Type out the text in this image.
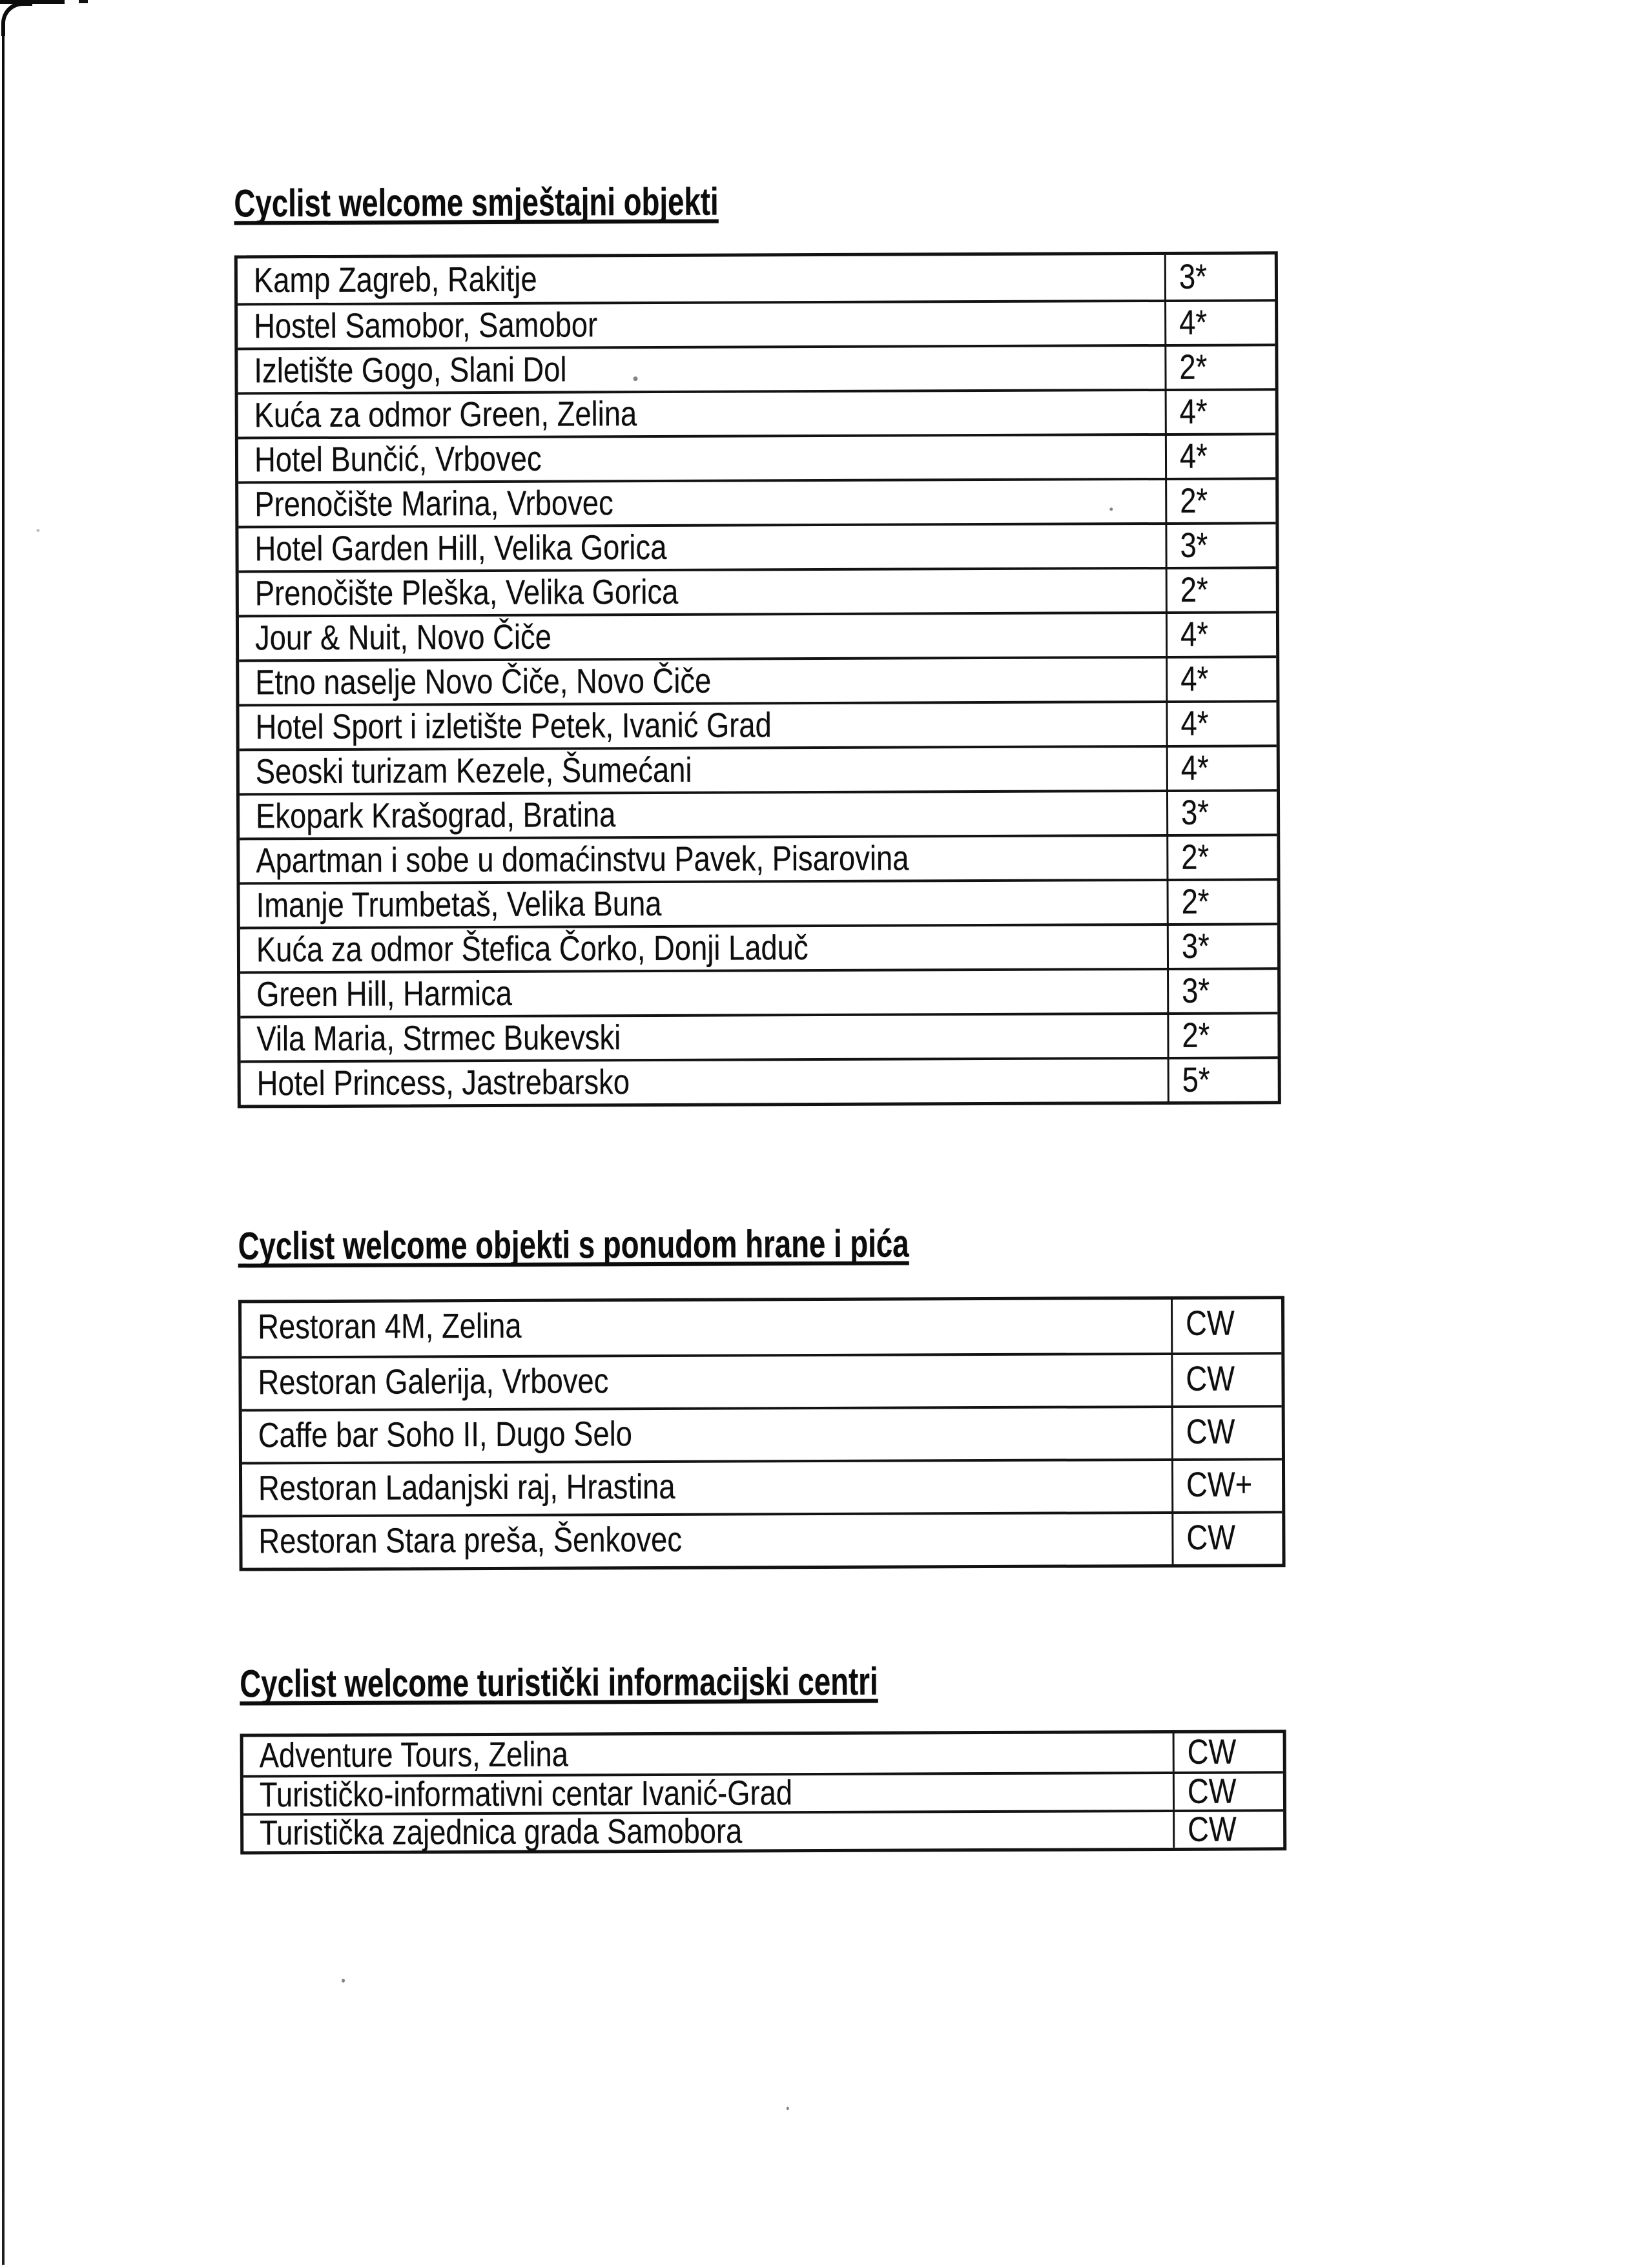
Cyclist welcome smještajni objekti
Kamp Zagreb, Rakitje	3*
Hostel Samobor, Samobor	4*
Izletište Gogo, Slani Dol	2*
Kuća za odmor Green, Zelina	4*
Hotel Bunčić, Vrbovec	4*
Prenočište Marina, Vrbovec	2*
Hotel Garden Hill, Velika Gorica	3*
Prenočište Pleška, Velika Gorica	2*
Jour & Nuit, Novo Čiče	4*
Etno naselje Novo Čiče, Novo Čiče	4*
Hotel Sport i izletište Petek, Ivanić Grad	4*
Seoski turizam Kezele, Šumećani	4*
Ekopark Krašograd, Bratina	3*
Apartman i sobe u domaćinstvu Pavek, Pisarovina	2*
Imanje Trumbetaš, Velika Buna	2*
Kuća za odmor Štefica Čorko, Donji Laduč	3*
Green Hill, Harmica	3*
Vila Maria, Strmec Bukevski	2*
Hotel Princess, Jastrebarsko	5*
Cyclist welcome objekti s ponudom hrane i pića
Restoran 4M, Zelina	CW
Restoran Galerija, Vrbovec	CW
Caffe bar Soho II, Dugo Selo	CW
Restoran Ladanjski raj, Hrastina	CW+
Restoran Stara preša, Šenkovec	CW
Cyclist welcome turistički informacijski centri
Adventure Tours, Zelina	CW
Turističko-informativni centar Ivanić-Grad	CW
Turistička zajednica grada Samobora	CW
